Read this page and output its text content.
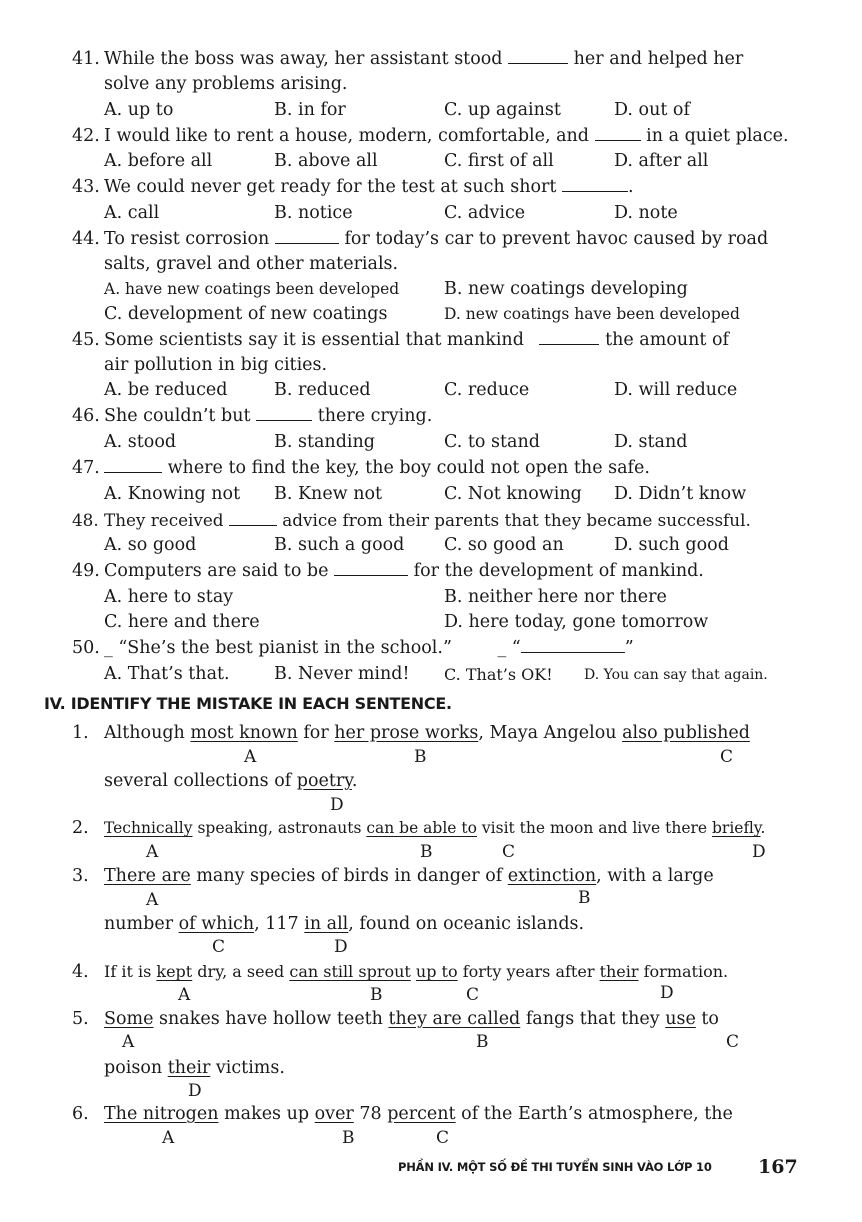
41. While the boss was away, her assistant stood	her and helped her
solve any problems arising.
A. up to	B. in for	C. up against	D. out of
42. I would like to rent a house, modern, comfortable, and	in a quiet place.
A. before all	B. above all	C. first of all	D. after all
43. We could never get ready for the test at such short	.
A. call	B. notice	C. advice	D. note
44. To resist corrosion	for today’s car to prevent havoc caused by road
salts, gravel and other materials.
A. have new coatings been developed	B. new coatings developing
C. development of new coatings	D. new coatings have been developed
45. Some scientists say it is essential that mankind	the amount of
air pollution in big cities.
A. be reduced	B. reduced	C. reduce	D. will reduce
46. She couldn’t but	there crying.
A. stood	B. standing	C. to stand	D. stand
47.	where to find the key, the boy could not open the safe.
A. Knowing not B. Knew not	C. Not knowing D. Didn’t know
48. They received	advice from their parents that they became successful.
A. so good	B. such a good C. so good an	D. such good
49. Computers are said to be	for the development of mankind.
A. here to stay	B. neither here nor there
C. here and there	D. here today, gone tomorrow
50. _ “She’s the best pianist in the school.”	_ “	”
A. That’s that.	B. Never mind! C. That’s OK! D. You can say that again.
IV. IDENTIFY THE MISTAKE IN EACH SENTENCE.
1. Although most known for her prose works, Maya Angelou also published
A	B	C
several collections of poetry.
D
2. Technically speaking, astronauts can be able to visit the moon and live there briefly.
A	B	C	D
3. There are many species of birds in danger of extinction, with a large
A	B
number of which, 117 in all, found on oceanic islands.
C	D
4. If it is kept dry, a seed can still sprout up to forty years after their formation.
A	B	C	D
5. Some snakes have hollow teeth they are called fangs that they use to
A	B	C
poison their victims.
D
6. The nitrogen makes up over 78 percent of the Earth’s atmosphere, the
A	B	C
PHẦN IV. MỘT SỐ ĐỀ THI TUYỂN SINH VÀO LỚP 10 167
